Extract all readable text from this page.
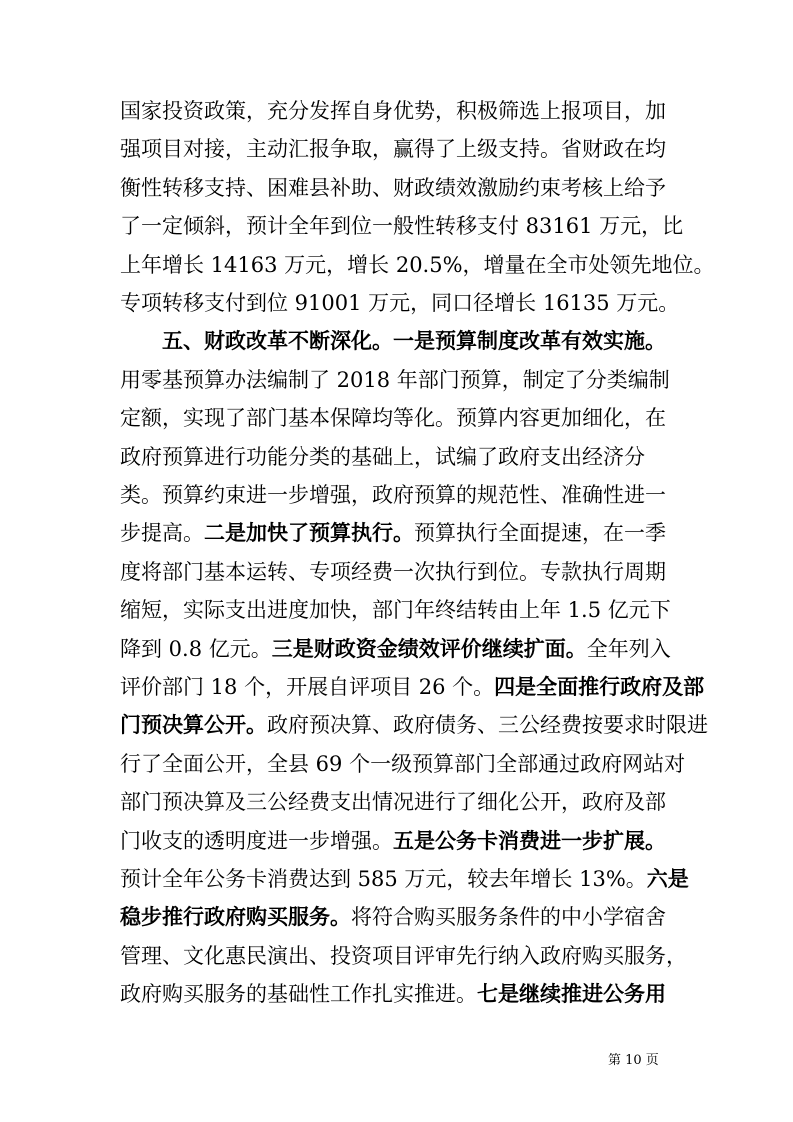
国家投资政策，充分发挥自身优势，积极筛选上报项目，加
强项目对接，主动汇报争取，赢得了上级支持。省财政在均
衡性转移支持、困难县补助、财政绩效激励约束考核上给予
了一定倾斜，预计全年到位一般性转移支付 83161 万元，比
上年增长 14163 万元，增长 20.5%，增量在全市处领先地位。
专项转移支付到位 91001 万元，同口径增长 16135 万元。
五、财政改革不断深化。一是预算制度改革有效实施。
用零基预算办法编制了 2018 年部门预算，制定了分类编制
定额，实现了部门基本保障均等化。预算内容更加细化，在
政府预算进行功能分类的基础上，试编了政府支出经济分
类。预算约束进一步增强，政府预算的规范性、准确性进一
步提高。二是加快了预算执行。预算执行全面提速，在一季
度将部门基本运转、专项经费一次执行到位。专款执行周期
缩短，实际支出进度加快，部门年终结转由上年 1.5 亿元下
降到 0.8 亿元。三是财政资金绩效评价继续扩面。全年列入
评价部门 18 个，开展自评项目 26 个。四是全面推行政府及部
门预决算公开。政府预决算、政府债务、三公经费按要求时限进
行了全面公开，全县 69 个一级预算部门全部通过政府网站对
部门预决算及三公经费支出情况进行了细化公开，政府及部
门收支的透明度进一步增强。五是公务卡消费进一步扩展。
预计全年公务卡消费达到 585 万元，较去年增长 13%。六是
稳步推行政府购买服务。将符合购买服务条件的中小学宿舍
管理、文化惠民演出、投资项目评审先行纳入政府购买服务，
政府购买服务的基础性工作扎实推进。七是继续推进公务用
第 10 页
